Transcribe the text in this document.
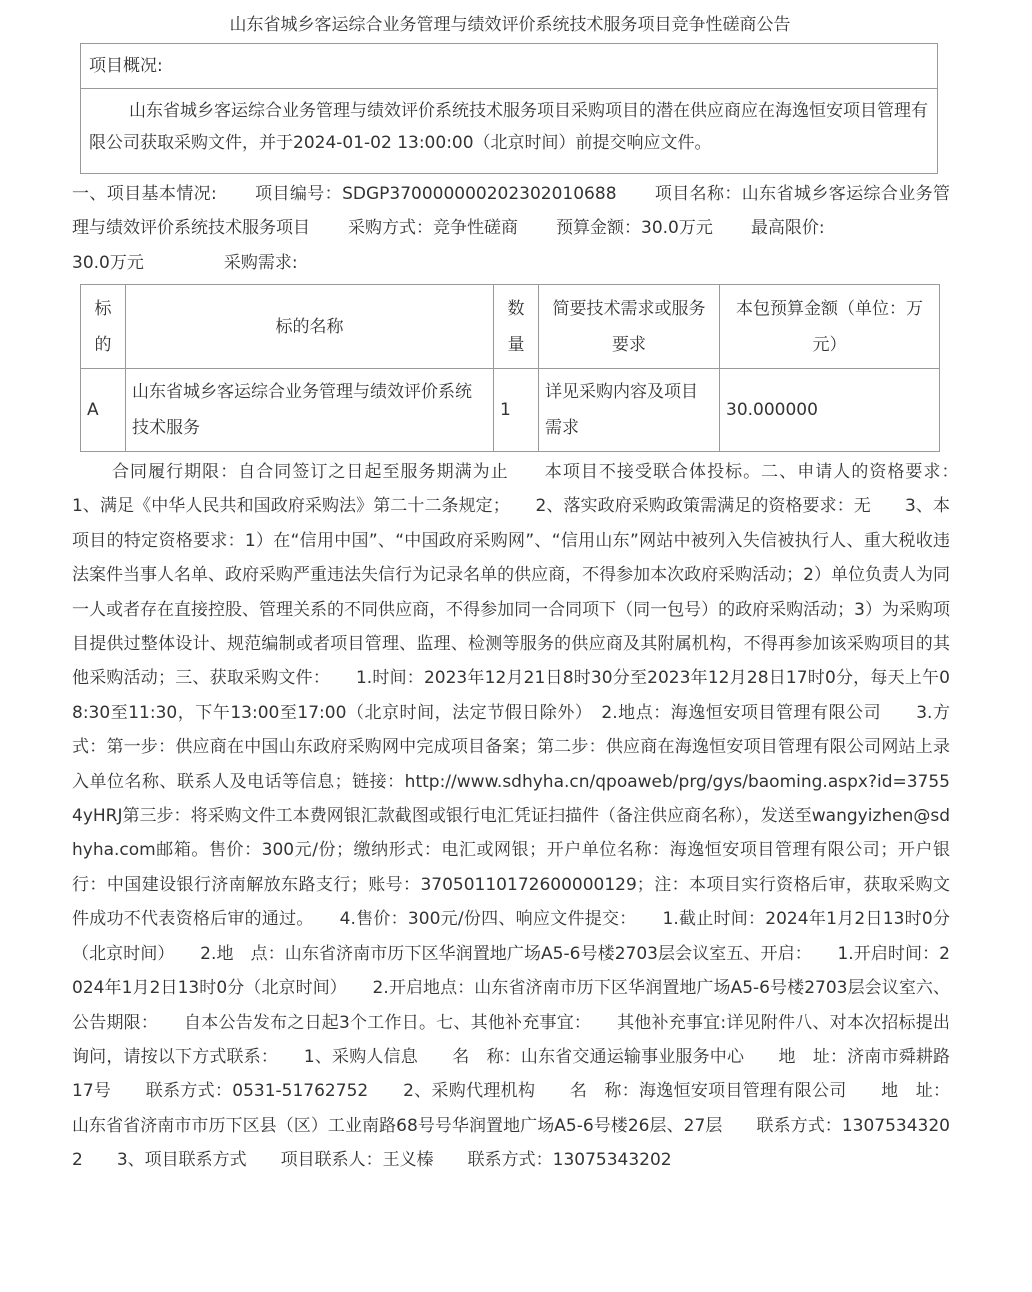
山东省城乡客运综合业务管理与绩效评价系统技术服务项目竞争性磋商公告
项目概况:
山东省城乡客运综合业务管理与绩效评价系统技术服务项目采购项目的潜在供应商应在海逸恒安项目管理有限公司获取采购文件，并于2024-01-02 13:00:00（北京时间）前提交响应文件。
一、项目基本情况: 项目编号：SDGP370000000202302010688 项目名称：山东省城乡客运综合业务管理与绩效评价系统技术服务项目 采购方式：竞争性磋商 预算金额：30.0万元 最高限价:
30.0万元	采购需求:
标的	标的名称	数量	简要技术需求或服务要求	本包预算金额（单位：万元）
A	山东省城乡客运综合业务管理与绩效评价系统技术服务	1	详见采购内容及项目需求	30.000000
合同履行期限：自合同签订之日起至服务期满为止　　本项目不接受联合体投标。二、申请人的资格要求：　　1、满足《中华人民共和国政府采购法》第二十二条规定；　　2、落实政府采购政策需满足的资格要求：无　　3、本项目的特定资格要求：1）在“信用中国”、“中国政府采购网”、“信用山东”网站中被列入失信被执行人、重大税收违法案件当事人名单、政府采购严重违法失信行为记录名单的供应商，不得参加本次政府采购活动；2）单位负责人为同一人或者存在直接控股、管理关系的不同供应商，不得参加同一合同项下（同一包号）的政府采购活动；3）为采购项目提供过整体设计、规范编制或者项目管理、监理、检测等服务的供应商及其附属机构，不得再参加该采购项目的其他采购活动；三、获取采购文件：　　1.时间：2023年12月21日8时30分至2023年12月28日17时0分，每天上午08:30至11:30，下午13:00至17:00（北京时间，法定节假日除外）　2.地点：海逸恒安项目管理有限公司　　3.方式：第一步：供应商在中国山东政府采购网中完成项目备案；第二步：供应商在海逸恒安项目管理有限公司网站上录入单位名称、联系人及电话等信息；链接：http://www.sdhyha.cn/qpoaweb/prg/gys/baoming.aspx?id=37554yHRJ第三步：将采购文件工本费网银汇款截图或银行电汇凭证扫描件（备注供应商名称），发送至wangyizhen@sdhyha.com邮箱。售价：300元/份；缴纳形式：电汇或网银；开户单位名称：海逸恒安项目管理有限公司；开户银行：中国建设银行济南解放东路支行；账号：37050110172600000129；注：本项目实行资格后审，获取采购文件成功不代表资格后审的通过。　　4.售价：300元/份四、响应文件提交：　　1.截止时间：2024年1月2日13时0分（北京时间）　　2.地　点：山东省济南市历下区华润置地广场A5-6号楼2703层会议室五、开启：　　1.开启时间：2024年1月2日13时0分（北京时间）　　2.开启地点：山东省济南市历下区华润置地广场A5-6号楼2703层会议室六、公告期限：　　自本公告发布之日起3个工作日。七、其他补充事宜：　　其他补充事宜:详见附件八、对本次招标提出询问，请按以下方式联系：　　1、采购人信息　　名　称：山东省交通运输事业服务中心　　地　址：济南市舜耕路17号　　联系方式：0531-51762752　　2、采购代理机构　　名　称：海逸恒安项目管理有限公司　　地　址：山东省省济南市市历下区县（区）工业南路68号号华润置地广场A5-6号楼26层、27层　　联系方式：13075343202　　3、项目联系方式　　项目联系人：王义榛　　联系方式：13075343202
